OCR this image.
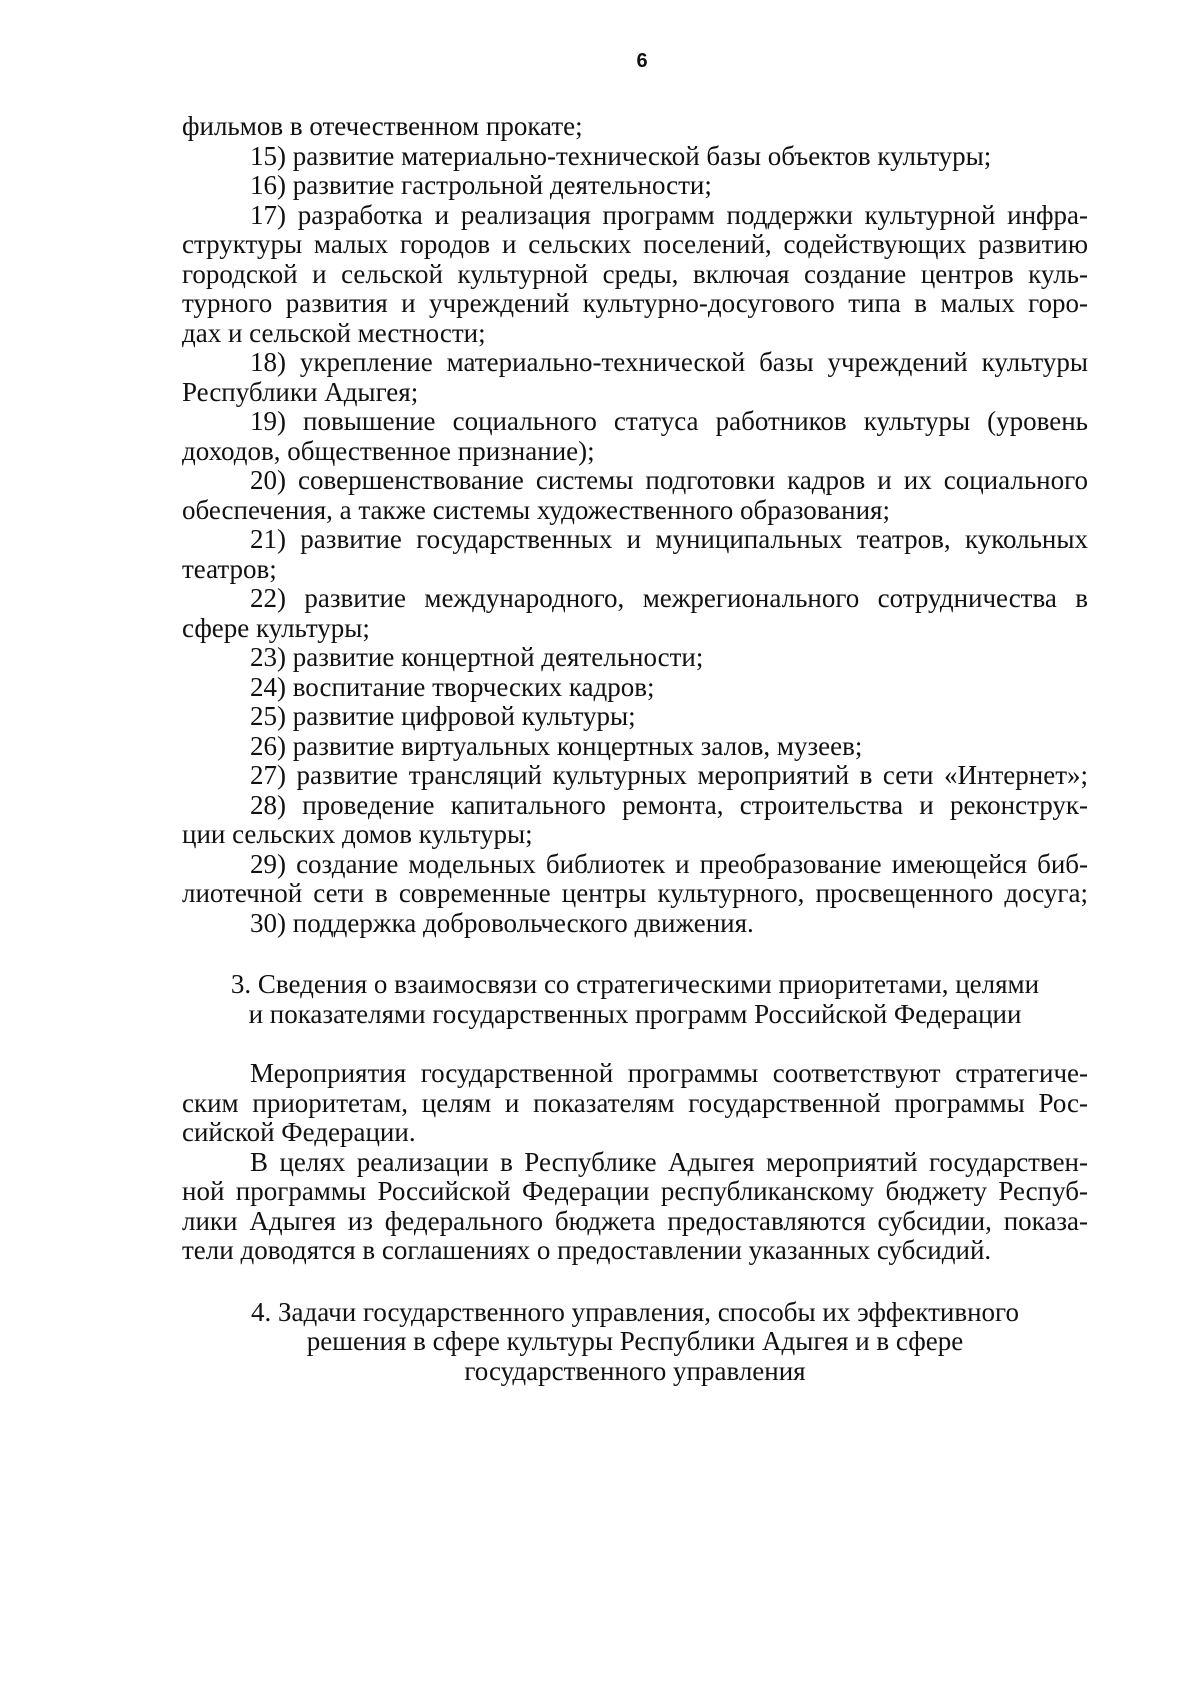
6
фильмов в отечественном прокате;
15) развитие материально-технической базы объектов культуры;
16) развитие гастрольной деятельности;
17) разработка и реализация программ поддержки культурной инфра-
структуры малых городов и сельских поселений, содействующих развитию
городской и сельской культурной среды, включая создание центров куль-
турного развития и учреждений культурно-досугового типа в малых горо-
дах и сельской местности;
18) укрепление материально-технической базы учреждений культуры
Республики Адыгея;
19) повышение социального статуса работников культуры (уровень
доходов, общественное признание);
20) совершенствование системы подготовки кадров и их социального
обеспечения, а также системы художественного образования;
21) развитие государственных и муниципальных театров, кукольных
театров;
22) развитие международного, межрегионального сотрудничества в
сфере культуры;
23) развитие концертной деятельности;
24) воспитание творческих кадров;
25) развитие цифровой культуры;
26) развитие виртуальных концертных залов, музеев;
27) развитие трансляций культурных мероприятий в сети «Интернет»;
28) проведение капитального ремонта, строительства и реконструк-
ции сельских домов культуры;
29) создание модельных библиотек и преобразование имеющейся биб-
лиотечной сети в современные центры культурного, просвещенного досуга;
30) поддержка добровольческого движения.
3. Сведения о взаимосвязи со стратегическими приоритетами, целями
и показателями государственных программ Российской Федерации
Мероприятия государственной программы соответствуют стратегиче-
ским приоритетам, целям и показателям государственной программы Рос-
сийской Федерации.
В целях реализации в Республике Адыгея мероприятий государствен-
ной программы Российской Федерации республиканскому бюджету Респуб-
лики Адыгея из федерального бюджета предоставляются субсидии, показа-
тели доводятся в соглашениях о предоставлении указанных субсидий.
4. Задачи государственного управления, способы их эффективного
решения в сфере культуры Республики Адыгея и в сфере
государственного управления
